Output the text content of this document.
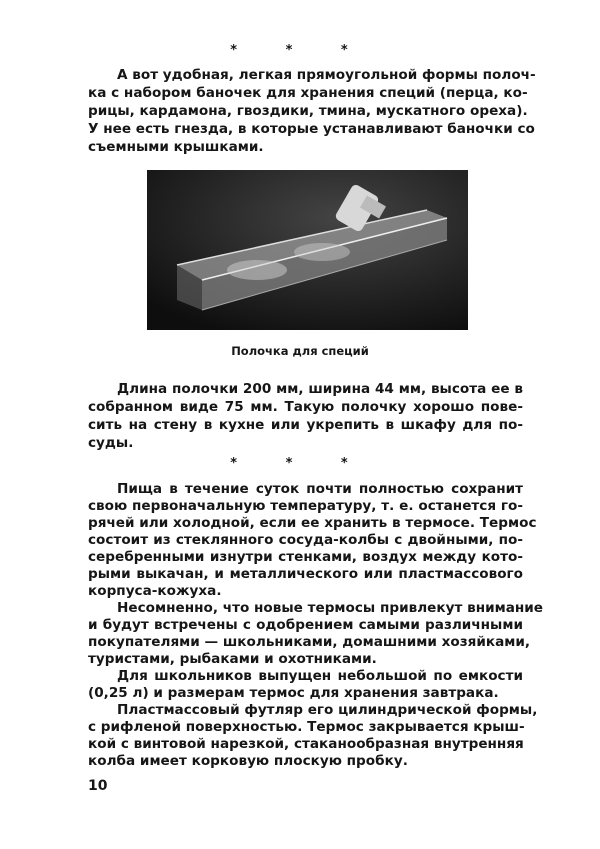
* * *
А вот удобная, легкая прямоугольной формы полоч-
ка с набором баночек для хранения специй (перца, ко-
рицы, кардамона, гвоздики, тмина, мускатного ореха).
У нее есть гнезда, в которые устанавливают баночки со
съемными крышками.
Полочка для специй
Длина полочки 200 мм, ширина 44 мм, высота ее в
собранном виде 75 мм. Такую полочку хорошо пове-
сить на стену в кухне или укрепить в шкафу для по-
суды.
* * *
Пища в течение суток почти полностью сохранит
свою первоначальную температуру, т. е. останется го-
рячей или холодной, если ее хранить в термосе. Термос
состоит из стеклянного сосуда-колбы с двойными, по-
серебренными изнутри стенками, воздух между кото-
рыми выкачан, и металлического или пластмассового
корпуса-кожуха.
Несомненно, что новые термосы привлекут внимание
и будут встречены с одобрением самыми различными
покупателями — школьниками, домашними хозяйками,
туристами, рыбаками и охотниками.
Для школьников выпущен небольшой по емкости
(0,25 л) и размерам термос для хранения завтрака.
Пластмассовый футляр его цилиндрической формы,
с рифленой поверхностью. Термос закрывается крыш-
кой с винтовой нарезкой, стаканообразная внутренняя
колба имеет корковую плоскую пробку.
10
